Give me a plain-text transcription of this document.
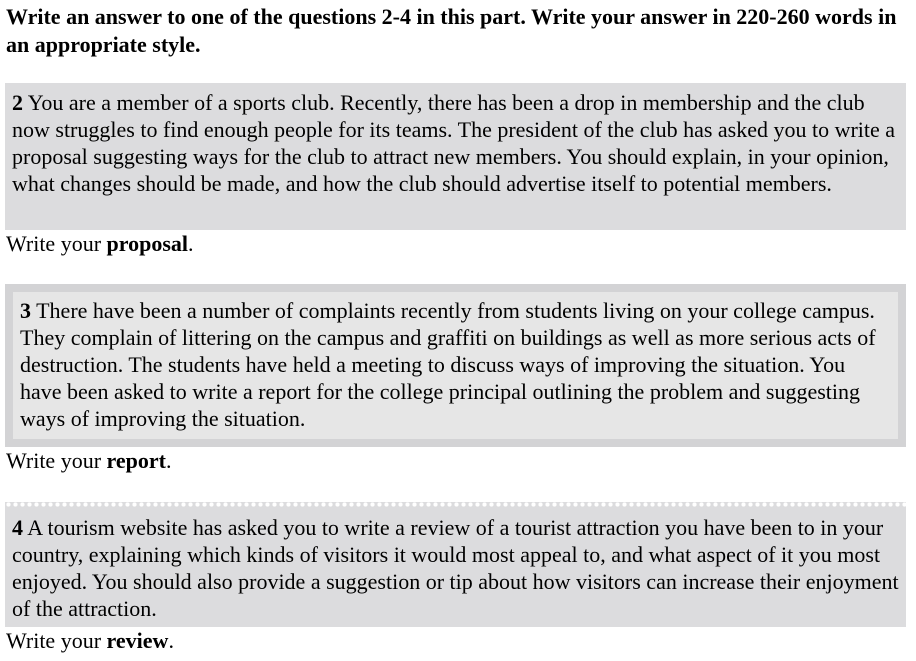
Write an answer to one of the questions 2-4 in this part. Write your answer in 220-260 words in an appropriate style.

2 You are a member of a sports club. Recently, there has been a drop in membership and the club now struggles to find enough people for its teams. The president of the club has asked you to write a proposal suggesting ways for the club to attract new members. You should explain, in your opinion, what changes should be made, and how the club should advertise itself to potential members.

Write your proposal.

3 There have been a number of complaints recently from students living on your college campus. They complain of littering on the campus and graffiti on buildings as well as more serious acts of destruction. The students have held a meeting to discuss ways of improving the situation. You have been asked to write a report for the college principal outlining the problem and suggesting ways of improving the situation.

Write your report.

4 A tourism website has asked you to write a review of a tourist attraction you have been to in your country, explaining which kinds of visitors it would most appeal to, and what aspect of it you most enjoyed. You should also provide a suggestion or tip about how visitors can increase their enjoyment of the attraction.

Write your review.
